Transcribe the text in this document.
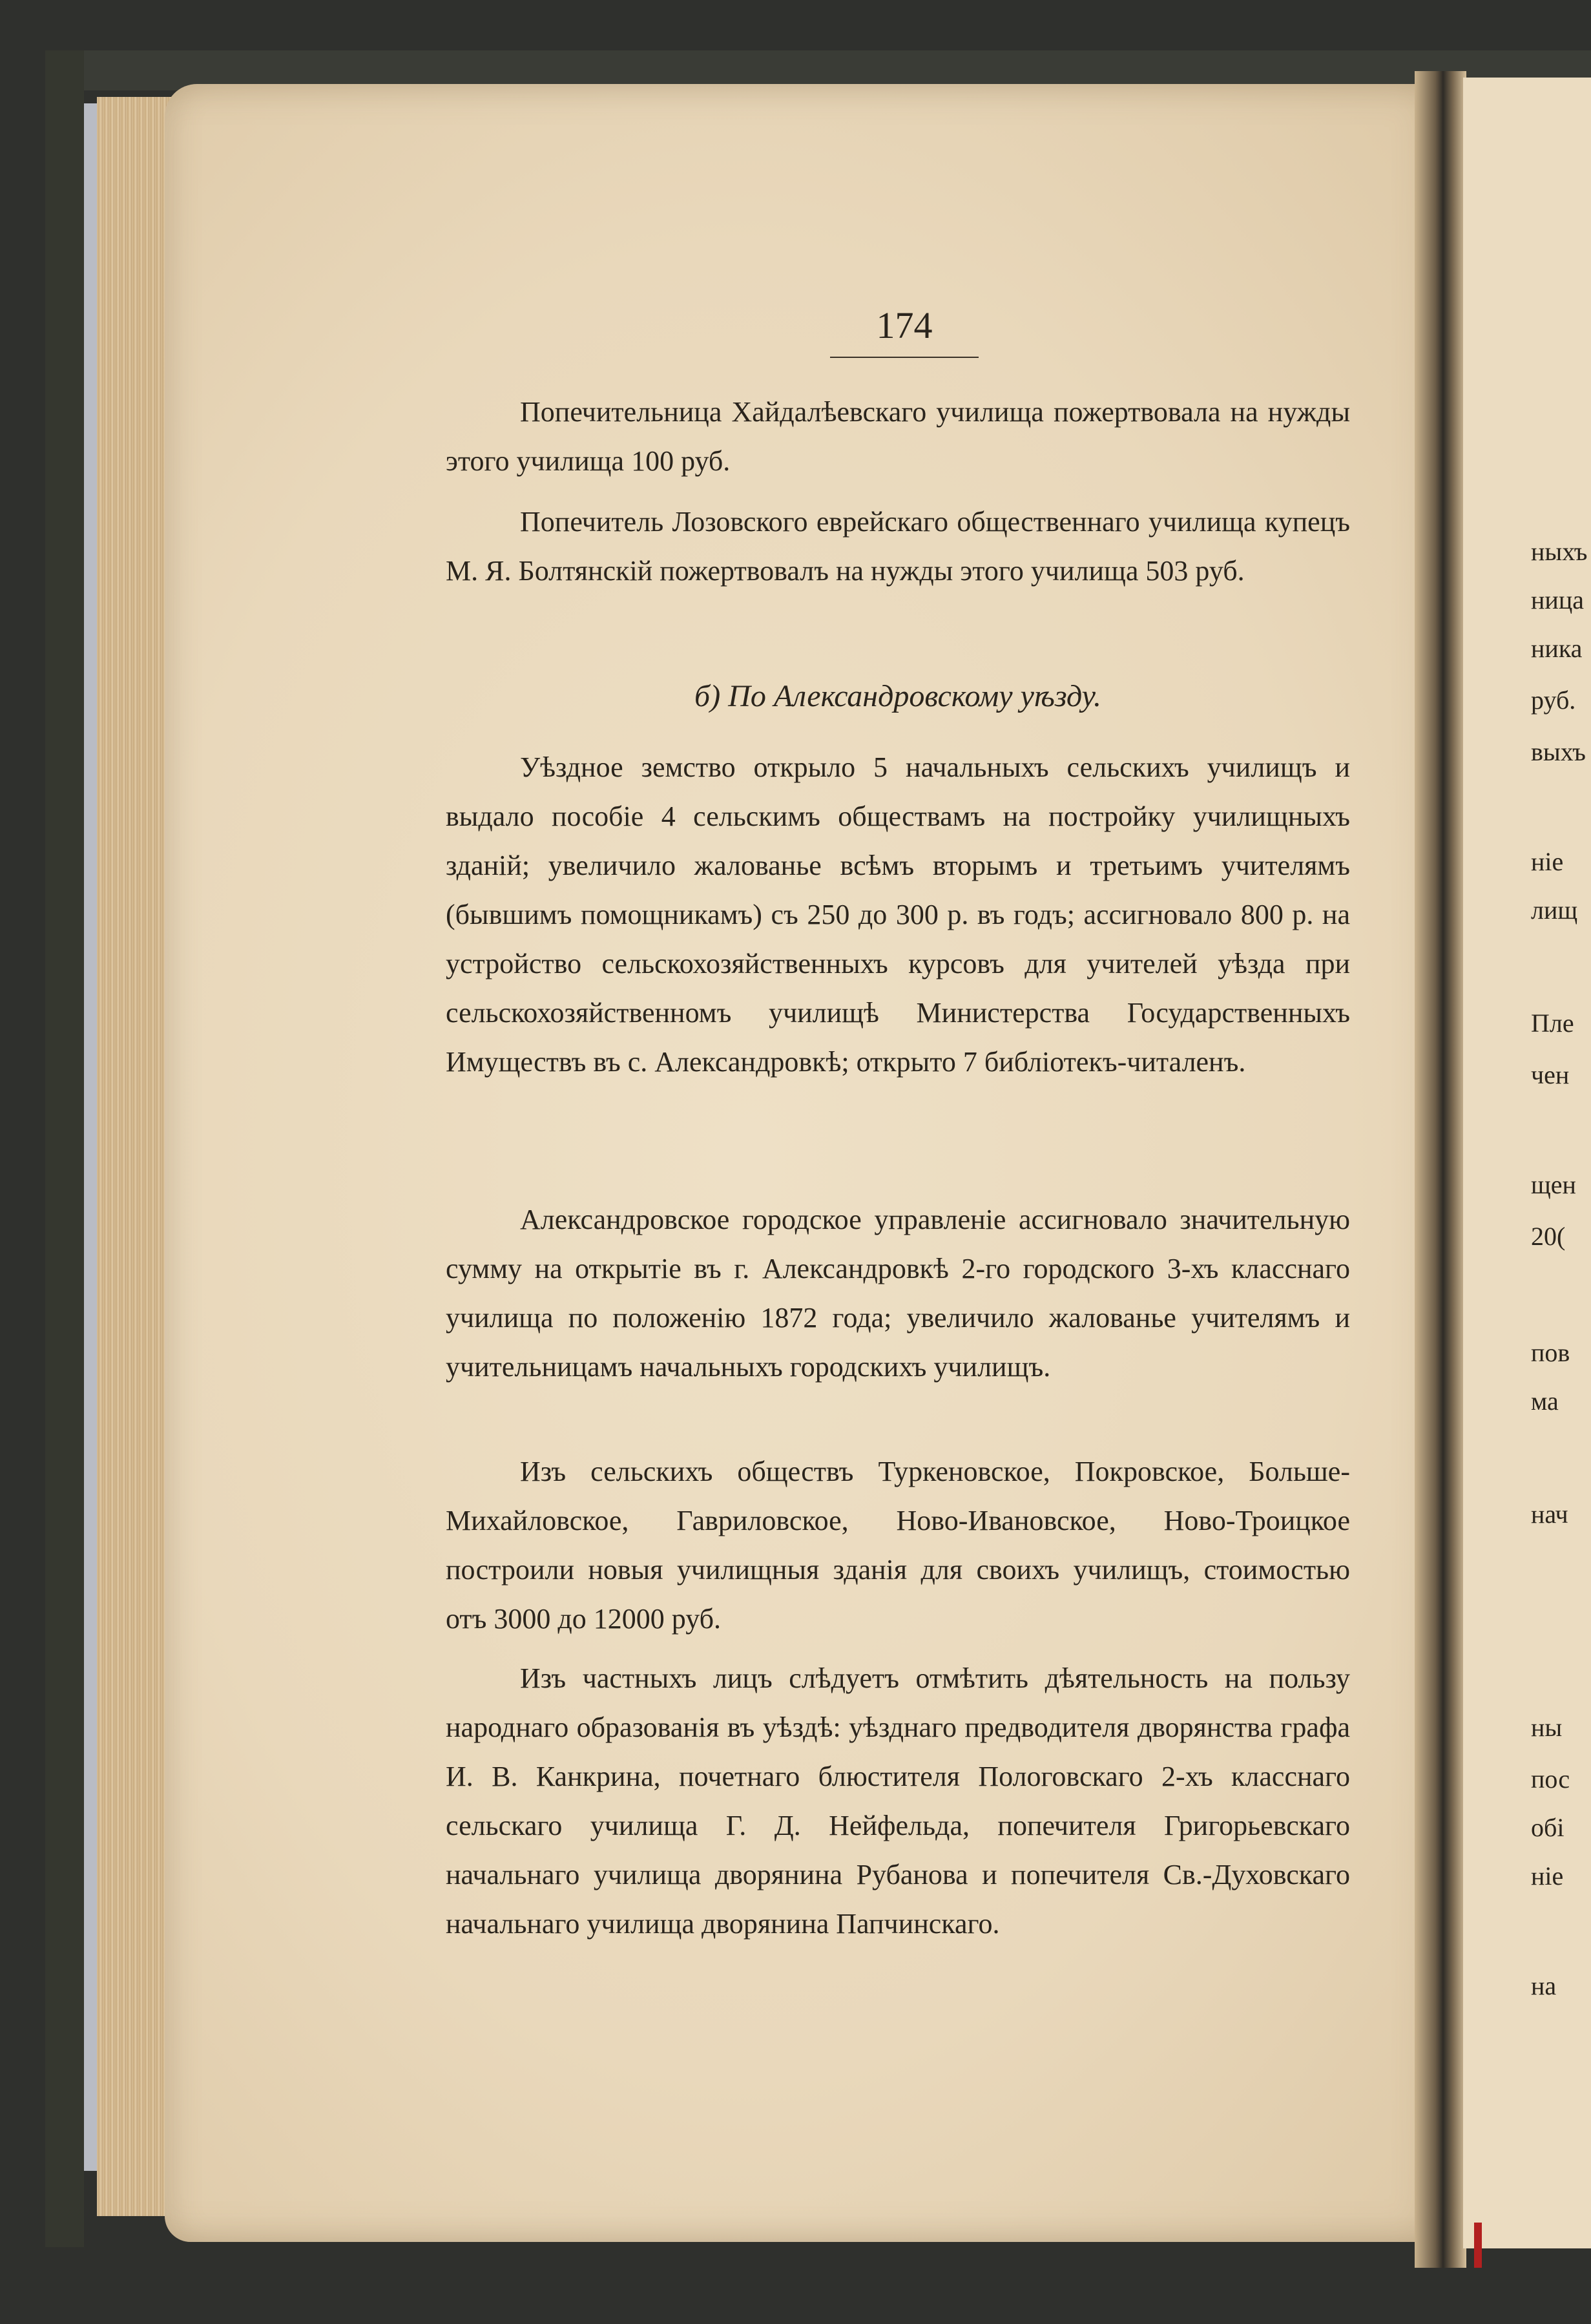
174

Попечительница Хайдалѣевскаго училища пожертвовала на нужды этого училища 100 руб.

Попечитель Лозовского еврейскаго общественнаго училища купецъ М. Я. Болтянскій пожертвовалъ на нужды этого училища 503 руб.

б) По Александровскому уѣзду.

Уѣздное земство открыло 5 начальныхъ сельскихъ училищъ и выдало пособіе 4 сельскимъ обществамъ на постройку училищныхъ зданій; увеличило жалованье всѣмъ вторымъ и третьимъ учителямъ (бывшимъ помощникамъ) съ 250 до 300 р. въ годъ; ассигновало 800 р. на устройство сельскохозяйственныхъ курсовъ для учителей уѣзда при сельскохозяйственномъ училищѣ Министерства Государственныхъ Имуществъ въ с. Александровкѣ; открыто 7 библіотекъ-читаленъ.

Александровское городское управленіе ассигновало значительную сумму на открытіе въ г. Александровкѣ 2-го городского 3-хъ класснаго училища по положенію 1872 года; увеличило жалованье учителямъ и учительницамъ начальныхъ городскихъ училищъ.

Изъ сельскихъ обществъ Туркеновское, Покровское, Больше-Михайловское, Гавриловское, Ново-Ивановское, Ново-Троицкое построили новыя училищныя зданія для своихъ училищъ, стоимостью отъ 3000 до 12000 руб.

Изъ частныхъ лицъ слѣдуетъ отмѣтить дѣятельность на пользу народнаго образованія въ уѣздѣ: уѣзднаго предводителя дворянства графа И. В. Канкрина, почетнаго блюстителя Пологовскаго 2-хъ класснаго сельскаго училища Г. Д. Нейфельда, попечителя Григорьевскаго начальнаго училища дворянина Рубанова и попечителя Св.-Духовскаго начальнаго училища дворянина Папчинскаго.

ныхъ
ница
ника
руб.
выхъ
ніе
лищ
Пле
чен
щен
20(
пов
ма
нач
ны
пос
обі
ніе
на
